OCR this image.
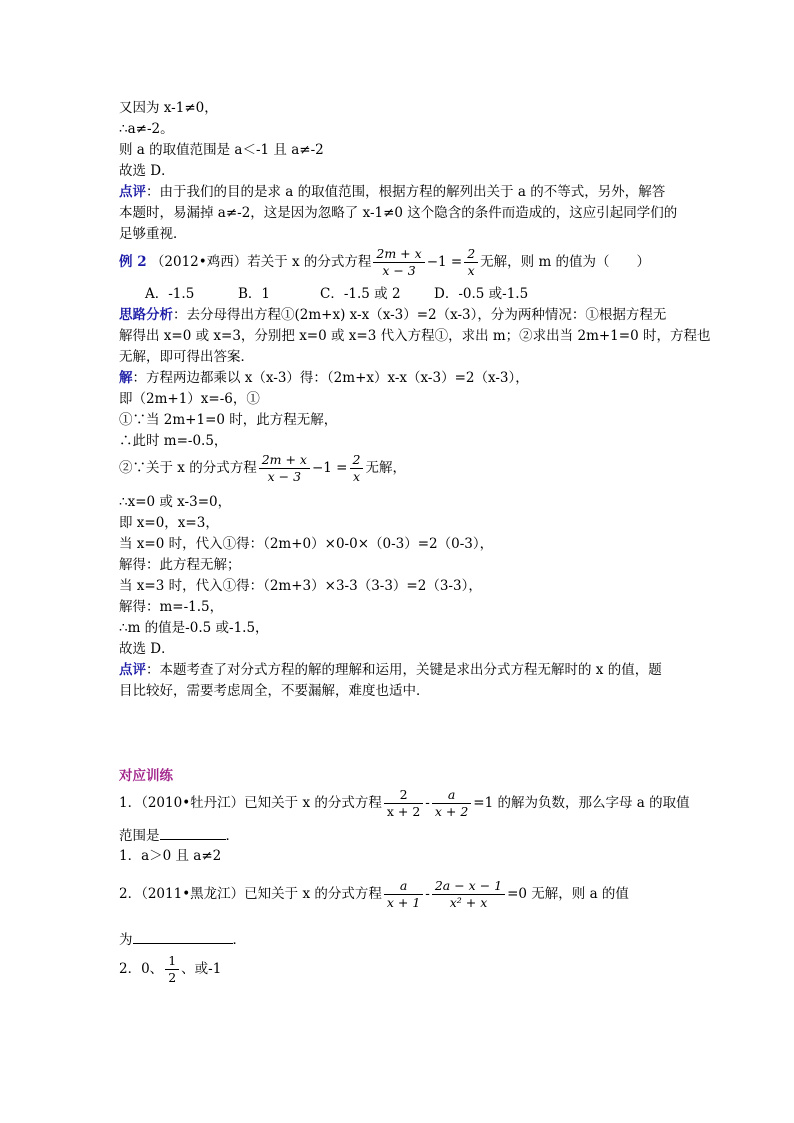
又因为 x-1≠0，
∴a≠-2。
则 a 的取值范围是 a＜-1 且 a≠-2
故选 D．
点评：由于我们的目的是求 a 的取值范围，根据方程的解列出关于 a 的不等式，另外，解答
本题时，易漏掉 a≠-2，这是因为忽略了 x-1≠0 这个隐含的条件而造成的，这应引起同学们的
足够重视．
例 2 （2012•鸡西）若关于 x 的分式方程 $\frac{2m + x}{x - 3} -1 = \frac{2}{x}$ 无解，则 m 的值为（　　）
A．-1.5	B．1	C．-1.5 或 2 D．-0.5 或-1.5
思路分析：去分母得出方程①(2m+x) x-x（x-3）=2（x-3），分为两种情况：①根据方程无
解得出 x=0 或 x=3，分别把 x=0 或 x=3 代入方程①，求出 m；②求出当 2m+1=0 时，方程也
无解，即可得出答案．
解：方程两边都乘以 x（x-3）得：（2m+x）x-x（x-3）=2（x-3），
即（2m+1）x=-6，①
①∵当 2m+1=0 时，此方程无解，
∴此时 m=-0.5，
②∵关于 x 的分式方程 $\frac{2m + x}{x - 3} -1 = \frac{2}{x}$ 无解，
∴x=0 或 x-3=0，
即 x=0，x=3，
当 x=0 时，代入①得：（2m+0）×0-0×（0-3）=2（0-3），
解得：此方程无解；
当 x=3 时，代入①得：（2m+3）×3-3（3-3）=2（3-3），
解得：m=-1.5，
∴m 的值是-0.5 或-1.5，
故选 D．
点评：本题考查了对分式方程的解的理解和运用，关键是求出分式方程无解时的 x 的值，题
目比较好，需要考虑周全，不要漏解，难度也适中．
对应训练
1．（2010•牡丹江）已知关于 x 的分式方程 $\frac{2}{x + 2} - \frac{a}{x + 2} =1$ 的解为负数，那么字母 a 的取值
范围是	．
1．a＞0 且 a≠2
2．（2011•黑龙江）已知关于 x 的分式方程 $\frac{a}{x + 1} - \frac{2a - x - 1}{\text{x² + x}} =0$ 无解，则 a 的值
为	．
2．0、 $\frac{1}{2}$ 、或-1
